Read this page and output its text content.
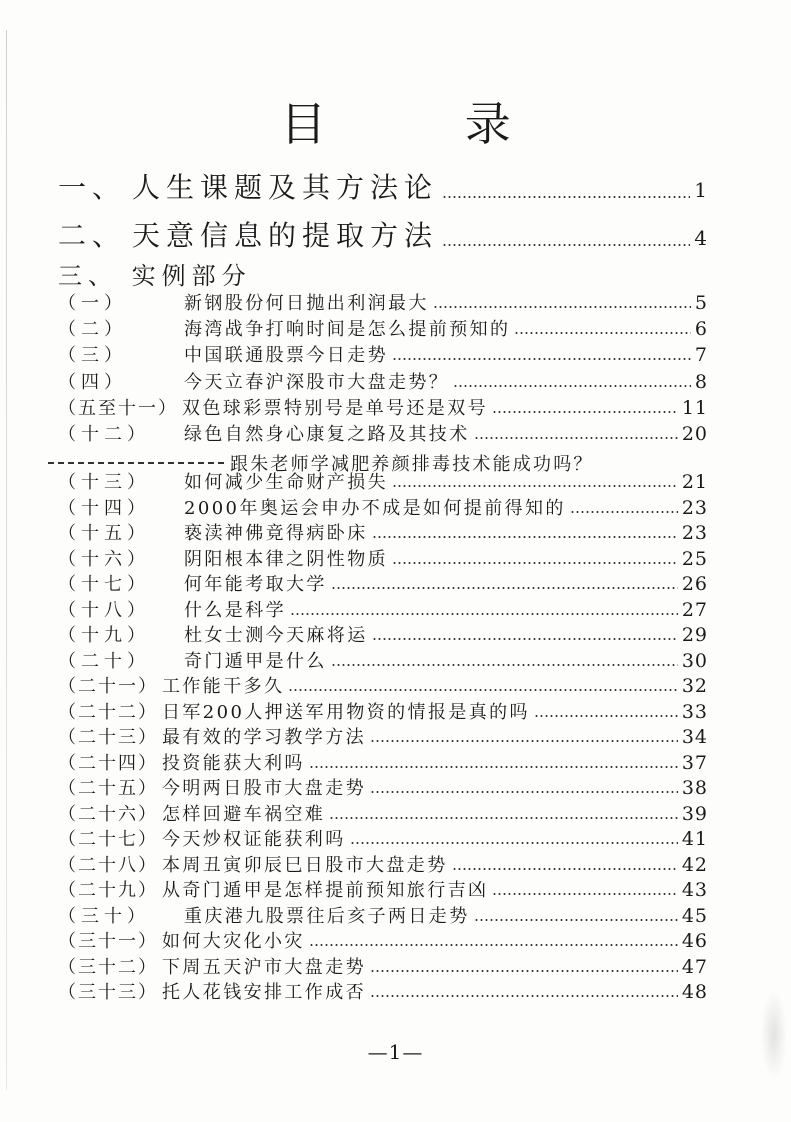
目 录
一、 人生课题及其方法论	1
二、 天意信息的提取方法	4
三、 实例部分
（一）	新钢股份何日抛出利润最大	5
（二）	海湾战争打响时间是怎么提前预知的	6
（三）	中国联通股票今日走势	7
（四）	今天立春沪深股市大盘走势？	8
（五至十一） 双色球彩票特别号是单号还是双号	11
（十二）	绿色自然身心康复之路及其技术	20
跟朱老师学减肥养颜排毒技术能成功吗？
（十三）	如何减少生命财产损失	21
（十四）	2000年奥运会申办不成是如何提前得知的	23
（十五）	亵渎神佛竟得病卧床	23
（十六）	阴阳根本律之阴性物质	25
（十七）	何年能考取大学	26
（十八）	什么是科学	27
（十九）	杜女士测今天麻将运	29
（二十）	奇门遁甲是什么	30
（二十一） 工作能干多久	32
（二十二） 日军200人押送军用物资的情报是真的吗	33
（二十三） 最有效的学习教学方法	34
（二十四） 投资能获大利吗	37
（二十五） 今明两日股市大盘走势	38
（二十六） 怎样回避车祸空难	39
（二十七） 今天炒权证能获利吗	41
（二十八） 本周丑寅卯辰巳日股市大盘走势	42
（二十九） 从奇门遁甲是怎样提前预知旅行吉凶	43
（三十）	重庆港九股票往后亥子两日走势	45
（三十一） 如何大灾化小灾	46
（三十二） 下周五天沪市大盘走势	47
（三十三） 托人花钱安排工作成否	48
—1—
